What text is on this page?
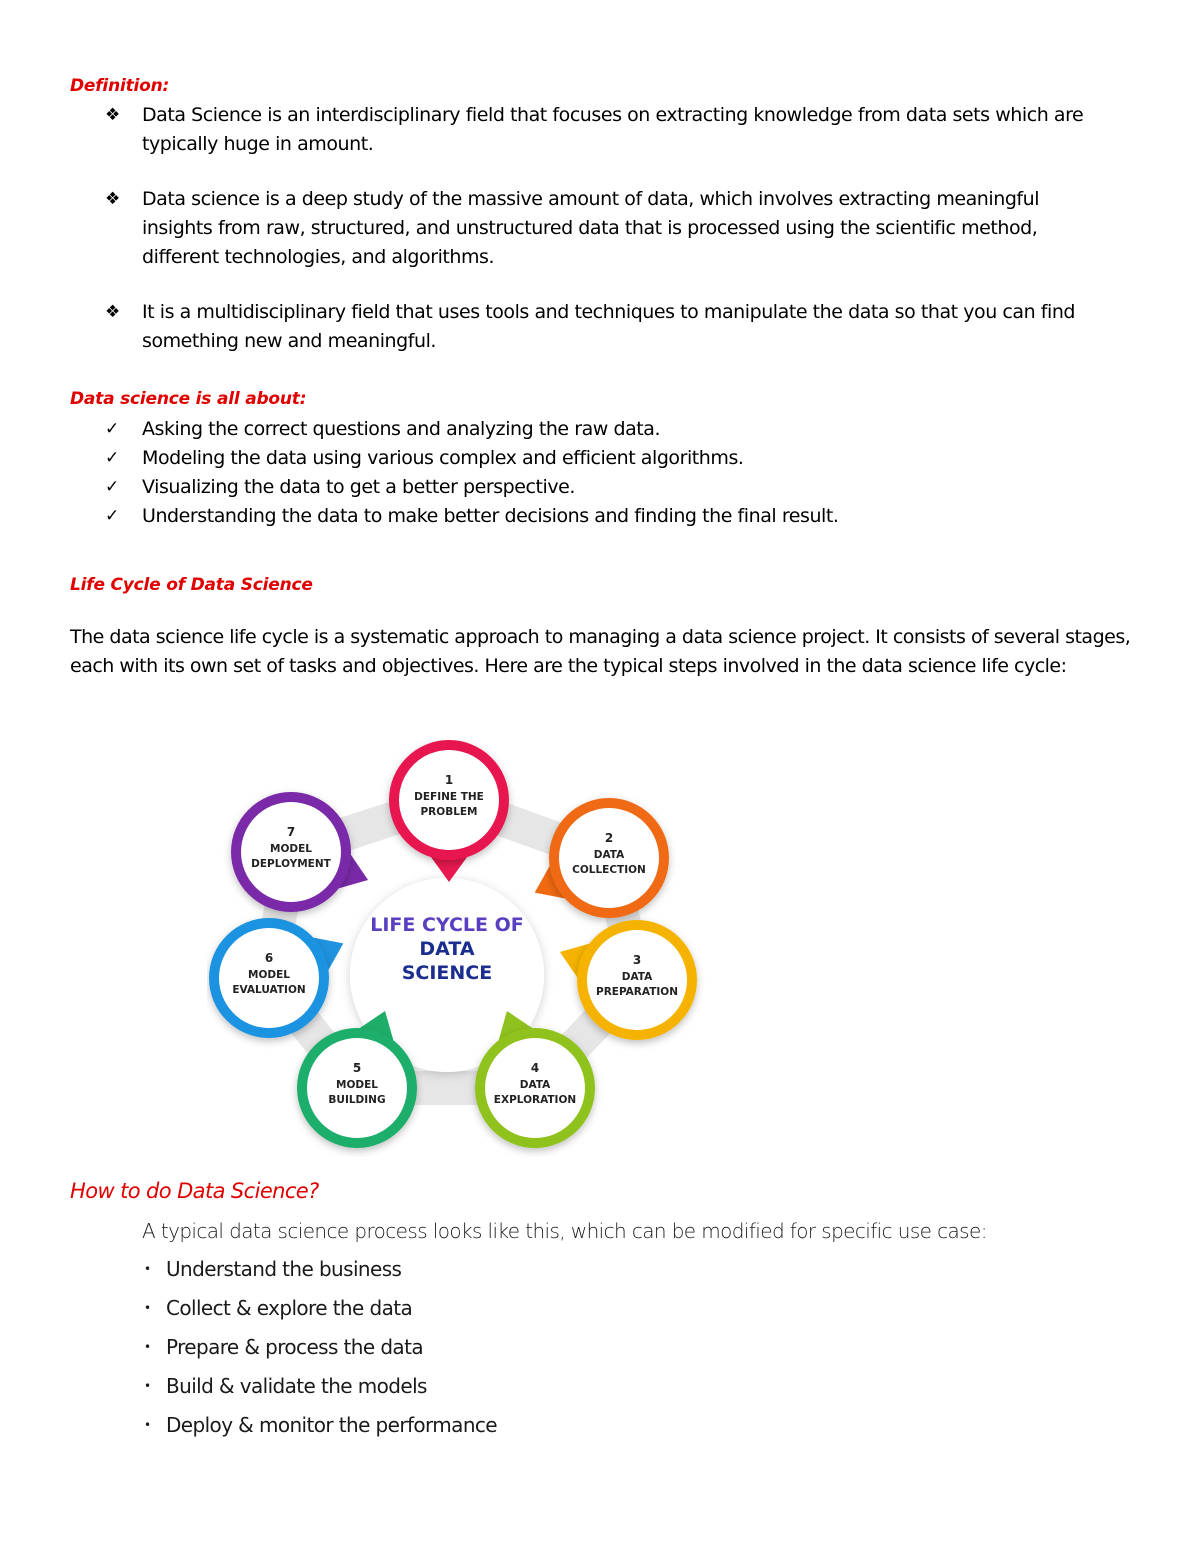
Definition:
❖	Data Science is an interdisciplinary field that focuses on extracting knowledge from data sets which are typically huge in amount.
❖	Data science is a deep study of the massive amount of data, which involves extracting meaningful insights from raw, structured, and unstructured data that is processed using the scientific method, different technologies, and algorithms.
❖	It is a multidisciplinary field that uses tools and techniques to manipulate the data so that you can find something new and meaningful.
Data science is all about:
✓	Asking the correct questions and analyzing the raw data.
✓	Modeling the data using various complex and efficient algorithms.
✓	Visualizing the data to get a better perspective.
✓	Understanding the data to make better decisions and finding the final result.
Life Cycle of Data Science
The data science life cycle is a systematic approach to managing a data science project. It consists of several stages, each with its own set of tasks and objectives. Here are the typical steps involved in the data science life cycle:
LIFE CYCLE OF
DATA
SCIENCE
1
DEFINE THE
PROBLEM
2
DATA
COLLECTION
3
DATA
PREPARATION
4
DATA
EXPLORATION
5
MODEL
BUILDING
6
MODEL
EVALUATION
7
MODEL
DEPLOYMENT
How to do Data Science?
A typical data science process looks like this, which can be modified for specific use case:
• Understand the business
• Collect & explore the data
• Prepare & process the data
• Build & validate the models
• Deploy & monitor the performance
